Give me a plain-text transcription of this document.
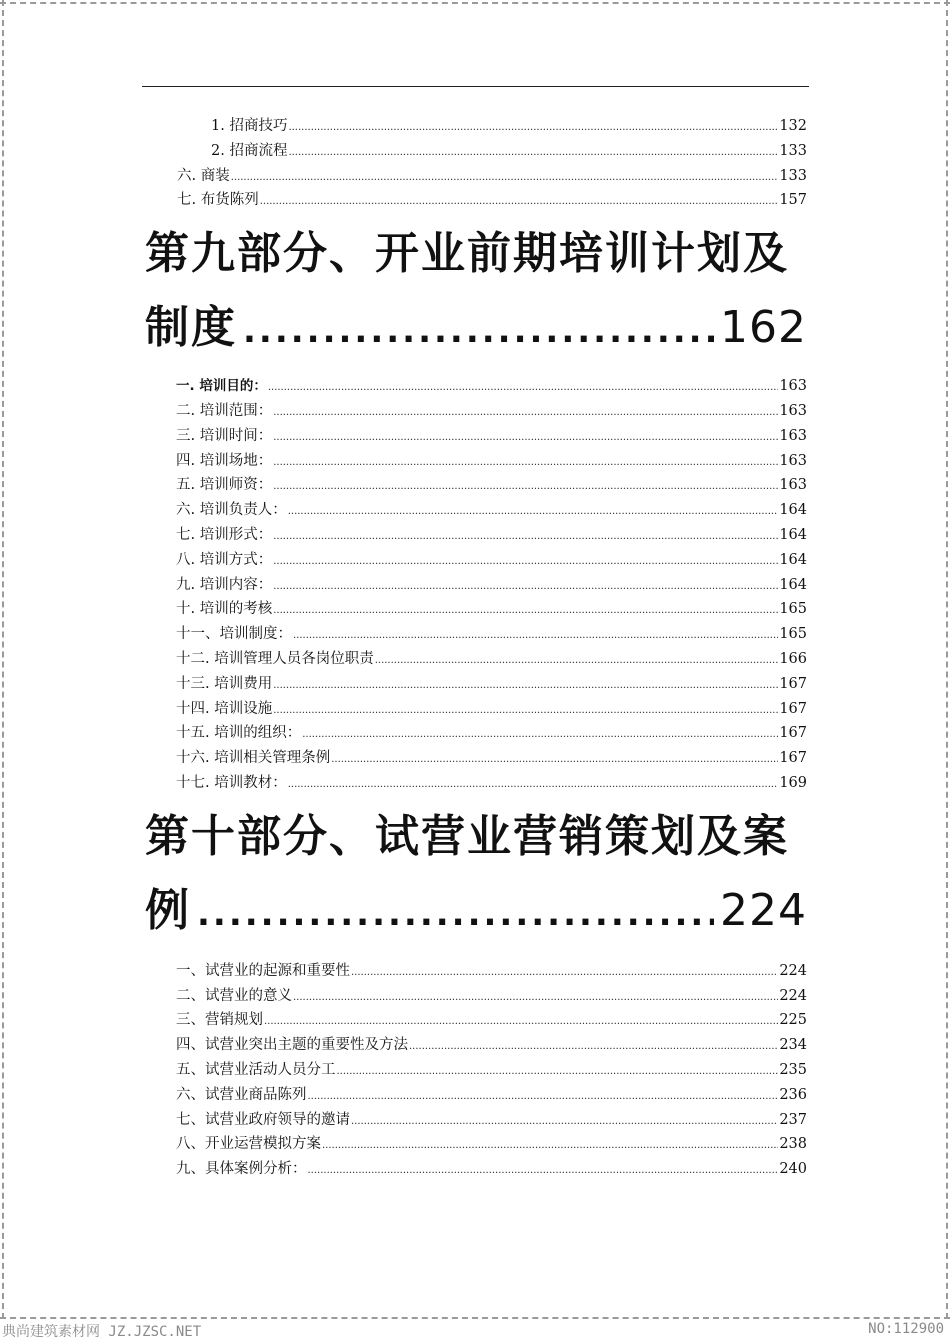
1. 招商技巧 .....	132
2. 招商流程 .....	133
六. 商装 .....	133
七. 布货陈列 .....	157
第九部分、开业前期培训计划及
制度 .....	162
一. 培训目的： .....	163
二. 培训范围： .....	163
三. 培训时间： .....	163
四. 培训场地： .....	163
五. 培训师资： .....	163
六. 培训负责人： .....	164
七. 培训形式： .....	164
八. 培训方式： .....	164
九. 培训内容： .....	164
十. 培训的考核 .....	165
十一、培训制度： .....	165
十二. 培训管理人员各岗位职责 .....	166
十三. 培训费用 .....	167
十四. 培训设施 .....	167
十五. 培训的组织： .....	167
十六. 培训相关管理条例 .....	167
十七. 培训教材： .....	169
第十部分、试营业营销策划及案
例 .....	224
一、试营业的起源和重要性 .....	224
二、试营业的意义 .....	224
三、营销规划 .....	225
四、试营业突出主题的重要性及方法 .....	234
五、试营业活动人员分工 .....	235
六、试营业商品陈列 .....	236
七、试营业政府领导的邀请 .....	237
八、开业运营模拟方案 .....	238
九、具体案例分析： .....	240
典尚建筑素材网 JZ.JZSC.NET	NO:112900
